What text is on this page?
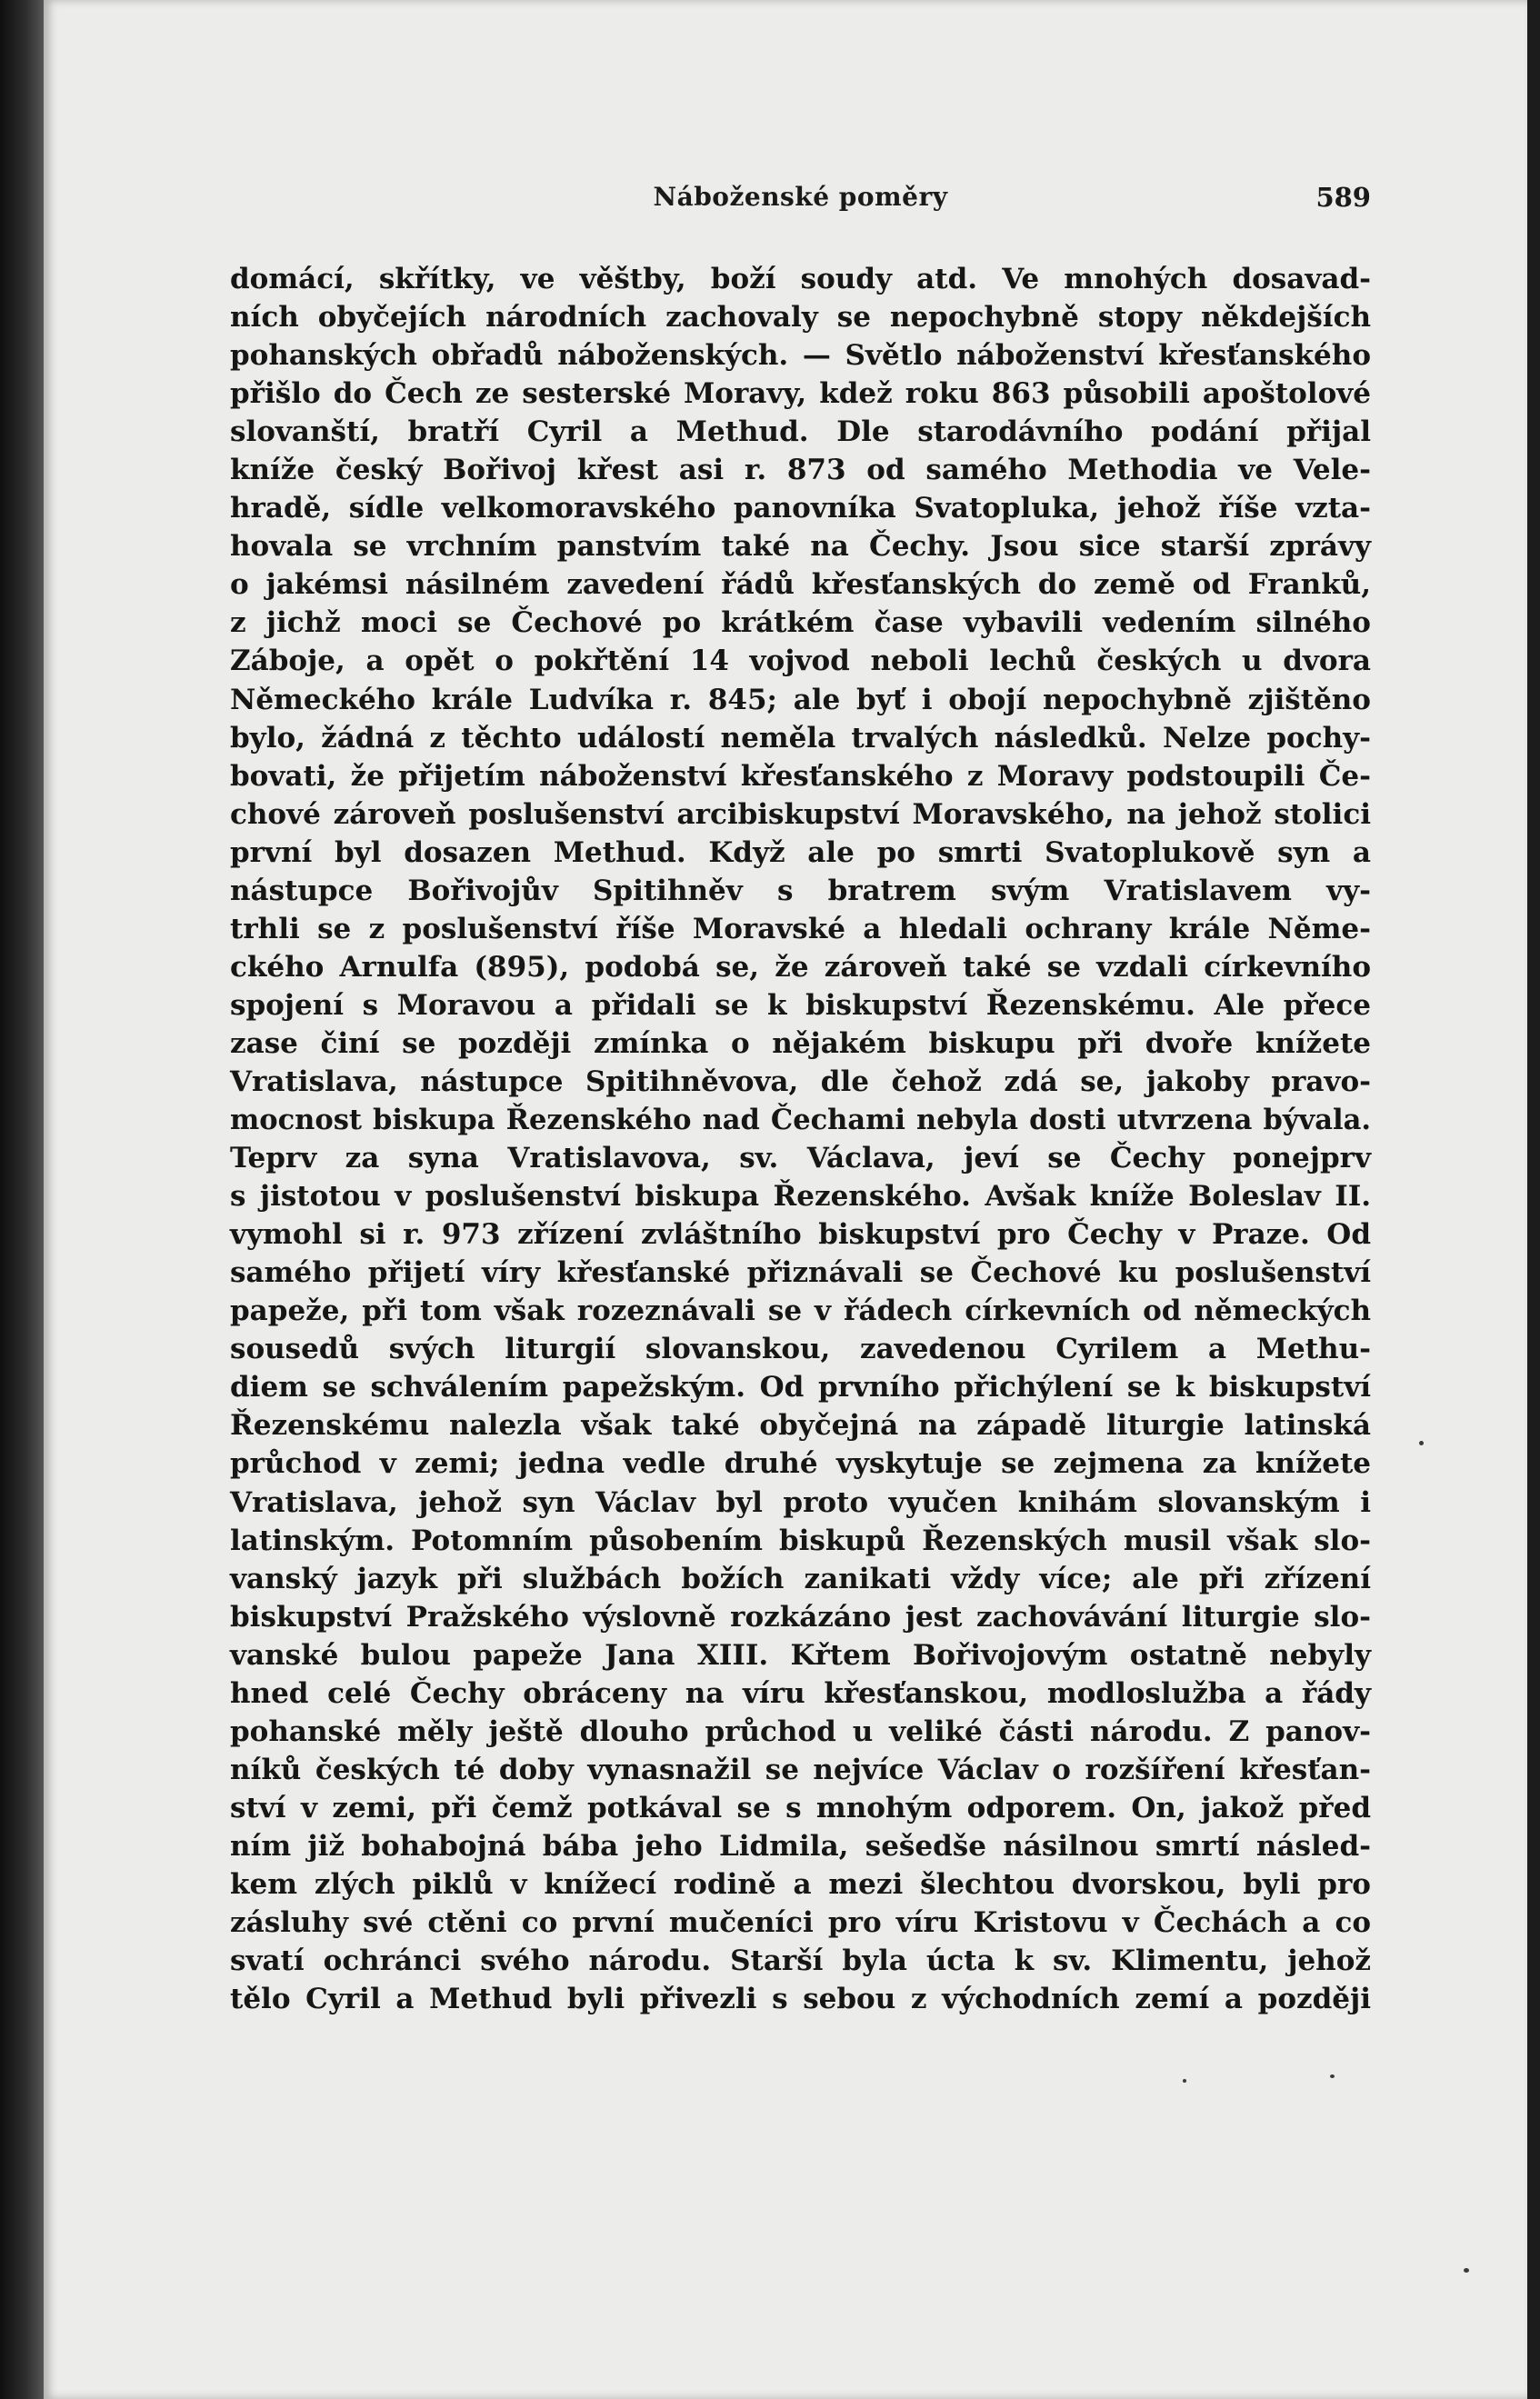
Náboženské poměry	589
domácí, skřítky, ve věštby, boží soudy atd. Ve mnohých dosavad-
ních obyčejích národních zachovaly se nepochybně stopy někdejších
pohanských obřadů náboženských. — Světlo náboženství křesťanského
přišlo do Čech ze sesterské Moravy, kdež roku 863 působili apoštolové
slovanští, bratří Cyril a Methud. Dle starodávního podání přijal
kníže český Bořivoj křest asi r. 873 od samého Methodia ve Vele-
hradě, sídle velkomoravského panovníka Svatopluka, jehož říše vzta-
hovala se vrchním panstvím také na Čechy. Jsou sice starší zprávy
o jakémsi násilném zavedení řádů křesťanských do země od Franků,
z jichž moci se Čechové po krátkém čase vybavili vedením silného
Záboje, a opět o pokřtění 14 vojvod neboli lechů českých u dvora
Německého krále Ludvíka r. 845; ale byť i obojí nepochybně zjištěno
bylo, žádná z těchto událostí neměla trvalých následků. Nelze pochy-
bovati, že přijetím náboženství křesťanského z Moravy podstoupili Če-
chové zároveň poslušenství arcibiskupství Moravského, na jehož stolici
první byl dosazen Methud. Když ale po smrti Svatoplukově syn a
nástupce Bořivojův Spitihněv s bratrem svým Vratislavem vy-
trhli se z poslušenství říše Moravské a hledali ochrany krále Něme-
ckého Arnulfa (895), podobá se, že zároveň také se vzdali církevního
spojení s Moravou a přidali se k biskupství Řezenskému. Ale přece
zase činí se později zmínka o nějakém biskupu při dvoře knížete
Vratislava, nástupce Spitihněvova, dle čehož zdá se, jakoby pravo-
mocnost biskupa Řezenského nad Čechami nebyla dosti utvrzena bývala.
Teprv za syna Vratislavova, sv. Václava, jeví se Čechy ponejprv
s jistotou v poslušenství biskupa Řezenského. Avšak kníže Boleslav II.
vymohl si r. 973 zřízení zvláštního biskupství pro Čechy v Praze. Od
samého přijetí víry křesťanské přiznávali se Čechové ku poslušenství
papeže, při tom však rozeznávali se v řádech církevních od německých
sousedů svých liturgií slovanskou, zavedenou Cyrilem a Methu-
diem se schválením papežským. Od prvního přichýlení se k biskupství
Řezenskému nalezla však také obyčejná na západě liturgie latinská
průchod v zemi; jedna vedle druhé vyskytuje se zejmena za knížete
Vratislava, jehož syn Václav byl proto vyučen knihám slovanským i
latinským. Potomním působením biskupů Řezenských musil však slo-
vanský jazyk při službách božích zanikati vždy více; ale při zřízení
biskupství Pražského výslovně rozkázáno jest zachovávání liturgie slo-
vanské bulou papeže Jana XIII. Křtem Bořivojovým ostatně nebyly
hned celé Čechy obráceny na víru křesťanskou, modloslužba a řády
pohanské měly ještě dlouho průchod u veliké části národu. Z panov-
níků českých té doby vynasnažil se nejvíce Václav o rozšíření křesťan-
ství v zemi, při čemž potkával se s mnohým odporem. On, jakož před
ním již bohabojná bába jeho Lidmila, sešedše násilnou smrtí násled-
kem zlých piklů v knížecí rodině a mezi šlechtou dvorskou, byli pro
zásluhy své ctěni co první mučeníci pro víru Kristovu v Čechách a co
svatí ochránci svého národu. Starší byla úcta k sv. Klimentu, jehož
tělo Cyril a Methud byli přivezli s sebou z východních zemí a později
